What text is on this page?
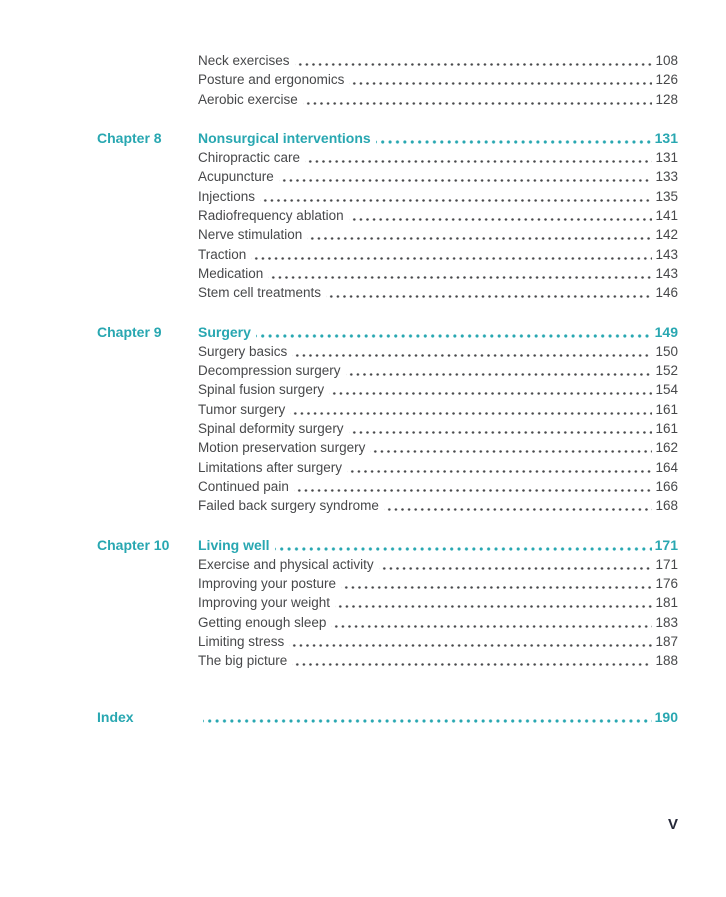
Neck exercises	108
Posture and ergonomics	126
Aerobic exercise	128
Chapter 8	Nonsurgical interventions	131
Chiropractic care	131
Acupuncture	133
Injections	135
Radiofrequency ablation	141
Nerve stimulation	142
Traction	143
Medication	143
Stem cell treatments	146
Chapter 9	Surgery	149
Surgery basics	150
Decompression surgery	152
Spinal fusion surgery	154
Tumor surgery	161
Spinal deformity surgery	161
Motion preservation surgery	162
Limitations after surgery	164
Continued pain	166
Failed back surgery syndrome	168
Chapter 10	Living well	171
Exercise and physical activity	171
Improving your posture	176
Improving your weight	181
Getting enough sleep	183
Limiting stress	187
The big picture	188
Index	190
V
